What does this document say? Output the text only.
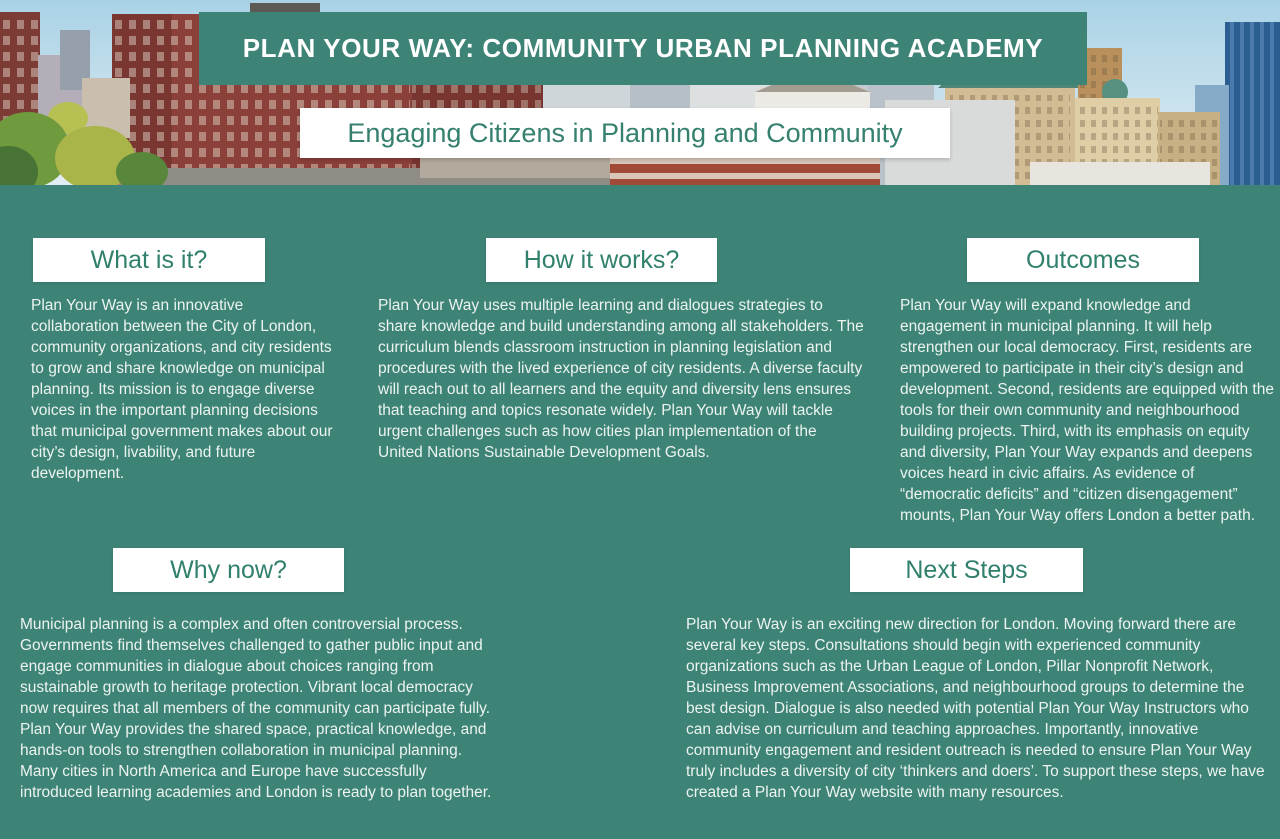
PLAN YOUR WAY: COMMUNITY URBAN PLANNING ACADEMY
Engaging Citizens in Planning and Community
What is it?

Plan Your Way is an innovative collaboration between the City of London, community organizations, and city residents to grow and share knowledge on municipal planning. Its mission is to engage diverse voices in the important planning decisions that municipal government makes about our city’s design, livability, and future development.

How it works?

Plan Your Way uses multiple learning and dialogues strategies to share knowledge and build understanding among all stakeholders. The curriculum blends classroom instruction in planning legislation and procedures with the lived experience of city residents. A diverse faculty will reach out to all learners and the equity and diversity lens ensures that teaching and topics resonate widely. Plan Your Way will tackle urgent challenges such as how cities plan implementation of the United Nations Sustainable Development Goals.

Outcomes

Plan Your Way will expand knowledge and engagement in municipal planning. It will help strengthen our local democracy. First, residents are empowered to participate in their city’s design and development. Second, residents are equipped with the tools for their own community and neighbourhood building projects. Third, with its emphasis on equity and diversity, Plan Your Way expands and deepens voices heard in civic affairs. As evidence of “democratic deficits” and “citizen disengagement” mounts, Plan Your Way offers London a better path.

Why now?

Municipal planning is a complex and often controversial process. Governments find themselves challenged to gather public input and engage communities in dialogue about choices ranging from sustainable growth to heritage protection. Vibrant local democracy now requires that all members of the community can participate fully. Plan Your Way provides the shared space, practical knowledge, and hands-on tools to strengthen collaboration in municipal planning. Many cities in North America and Europe have successfully introduced learning academies and London is ready to plan together.

Next Steps

Plan Your Way is an exciting new direction for London. Moving forward there are several key steps. Consultations should begin with experienced community organizations such as the Urban League of London, Pillar Nonprofit Network, Business Improvement Associations, and neighbourhood groups to determine the best design. Dialogue is also needed with potential Plan Your Way Instructors who can advise on curriculum and teaching approaches. Importantly, innovative community engagement and resident outreach is needed to ensure Plan Your Way truly includes a diversity of city ‘thinkers and doers’. To support these steps, we have created a Plan Your Way website with many resources.
